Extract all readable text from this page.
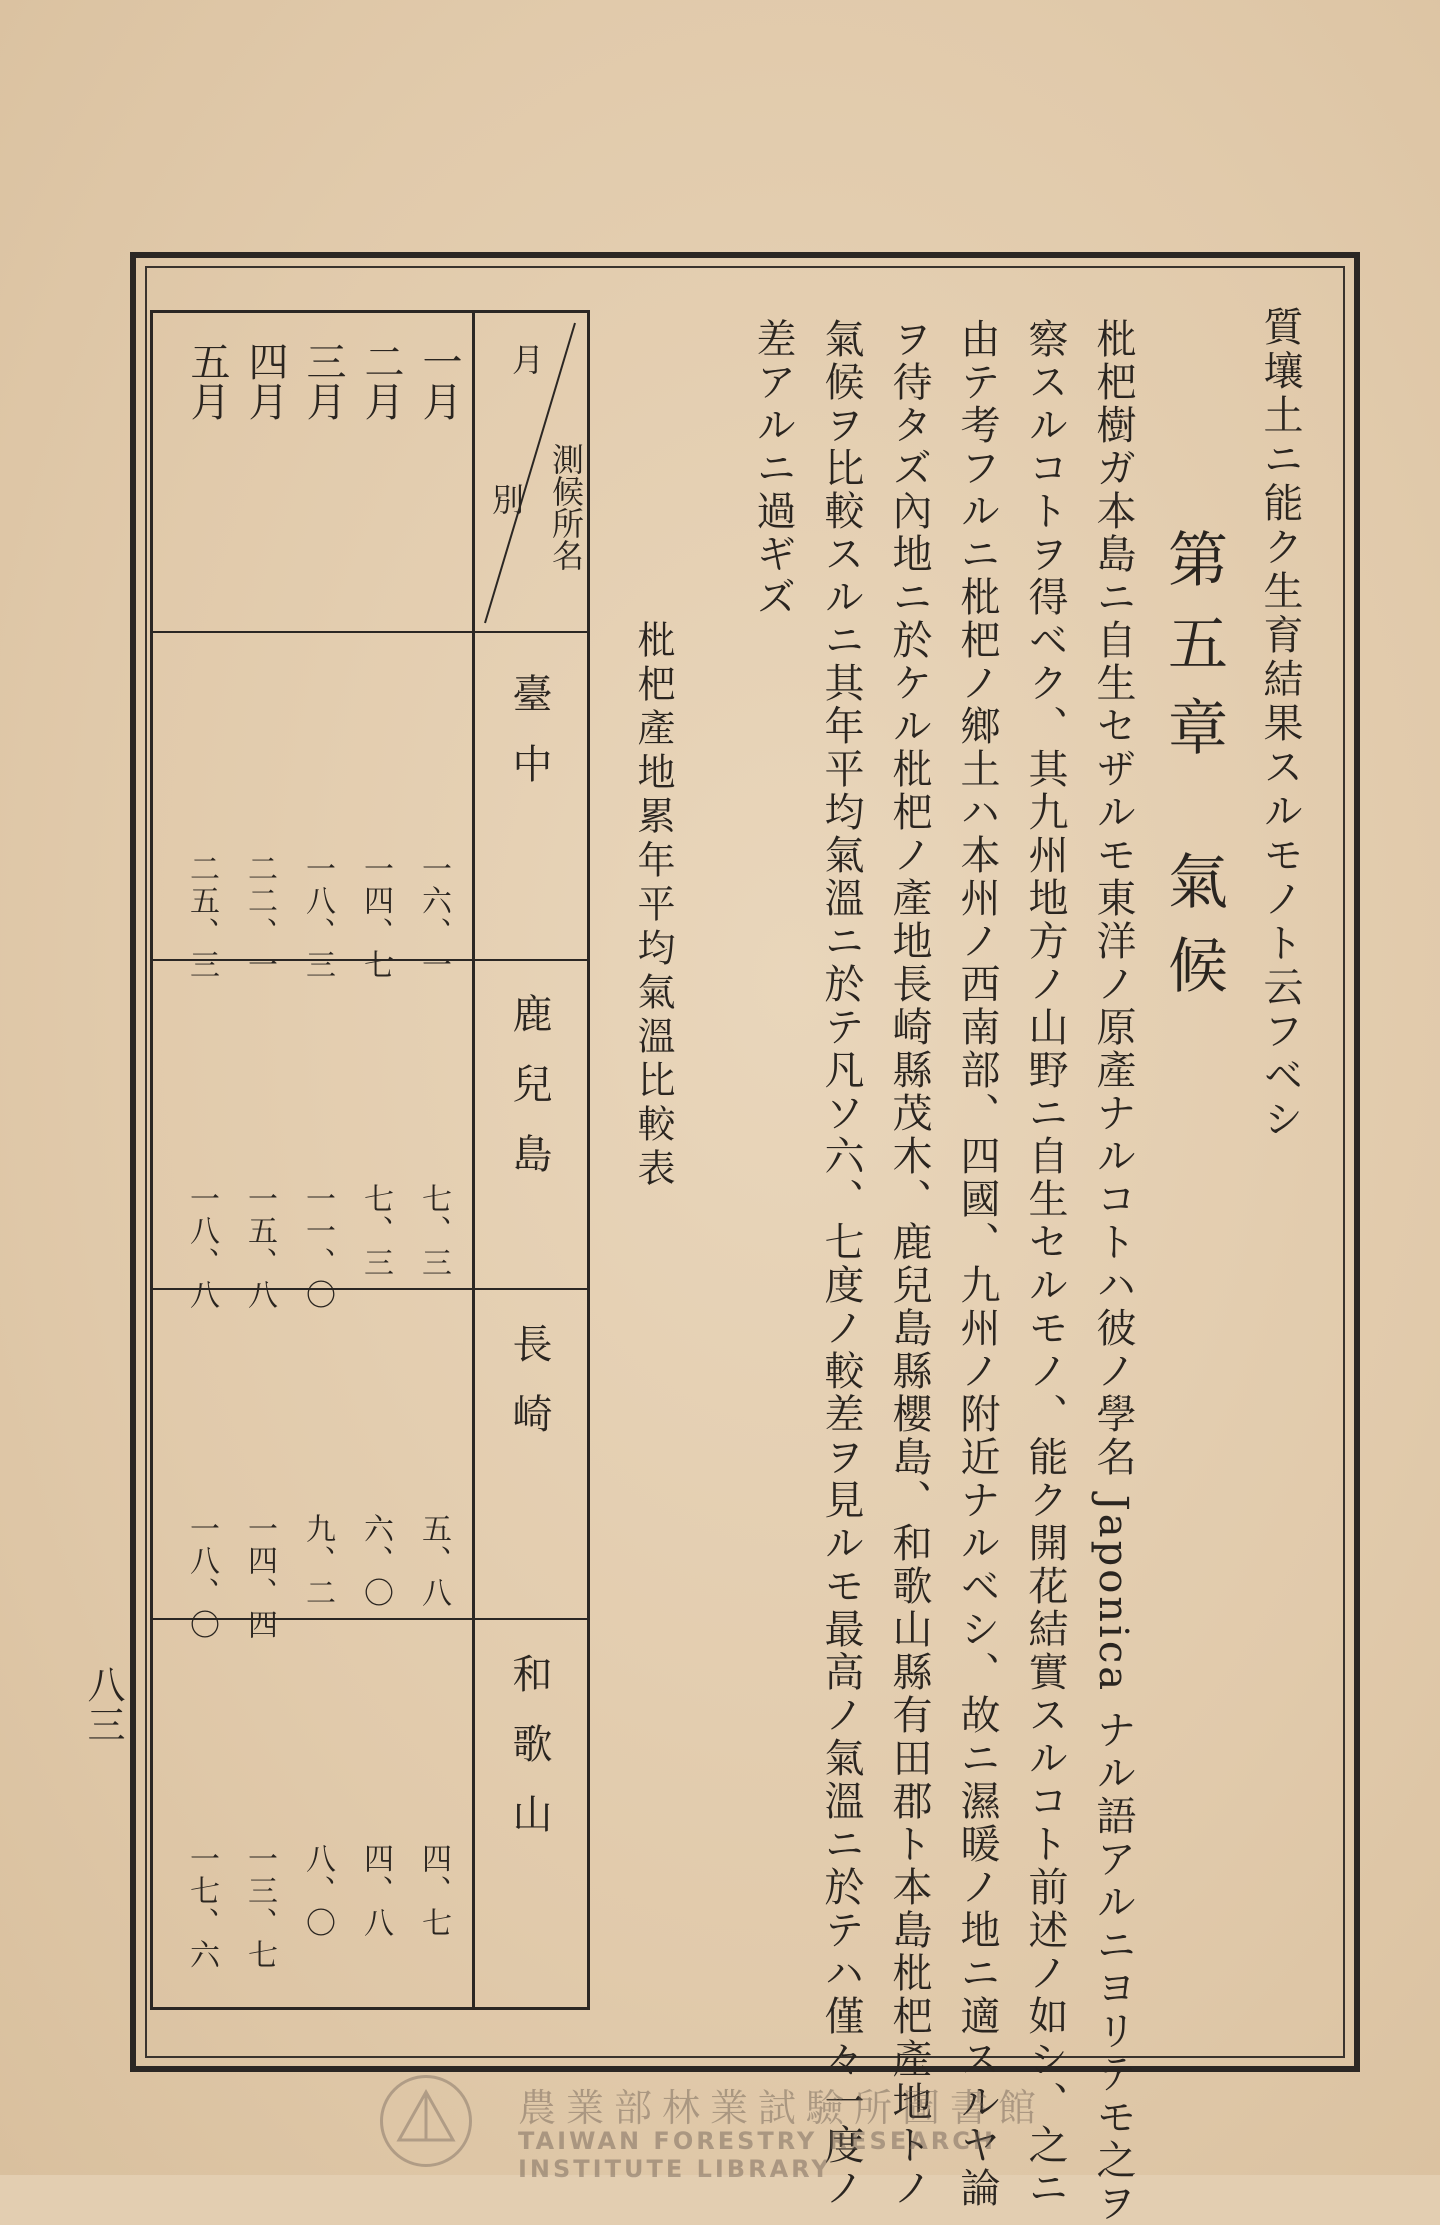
質壤土ニ能ク生育結果スルモノト云フベシ
第五章氣候
枇杷樹ガ本島ニ自生セザルモ東洋ノ原產ナルコトハ彼ノ學名 Japonica ナル語アルニヨリテモ之ヲ
察スルコトヲ得ベク、其九州地方ノ山野ニ自生セルモノ、能ク開花結實スルコト前述ノ如シ、之ニ
由テ考フルニ枇杷ノ鄉土ハ本州ノ西南部、四國、九州ノ附近ナルベシ、故ニ濕暖ノ地ニ適スルヤ論
ヲ待タズ內地ニ於ケル枇杷ノ產地長崎縣茂木、鹿兒島縣櫻島、和歌山縣有田郡ト本島枇杷產地トノ
氣候ヲ比較スルニ其年平均氣溫ニ於テ凡ソ六、七度ノ較差ヲ見ルモ最高ノ氣溫ニ於テハ僅々一度ノ
差アルニ過ギズ
枇杷產地累年平均氣溫比較表
測候所名
月
別
一月
二月
三月
四月
五月
臺中
鹿兒島
長崎
和歌山
一六、一
一四、七
一八、三
二二、一
二五、三
七、三
七、三
一一、〇
一五、八
一八、八
五、八
六、〇
九、二
一四、四
一八、〇
四、七
四、八
八、〇
一三、七
一七、六
八三
農業部林業試驗所圖書館
TAIWAN FORESTRY RESEARCH INSTITUTE LIBRARY
